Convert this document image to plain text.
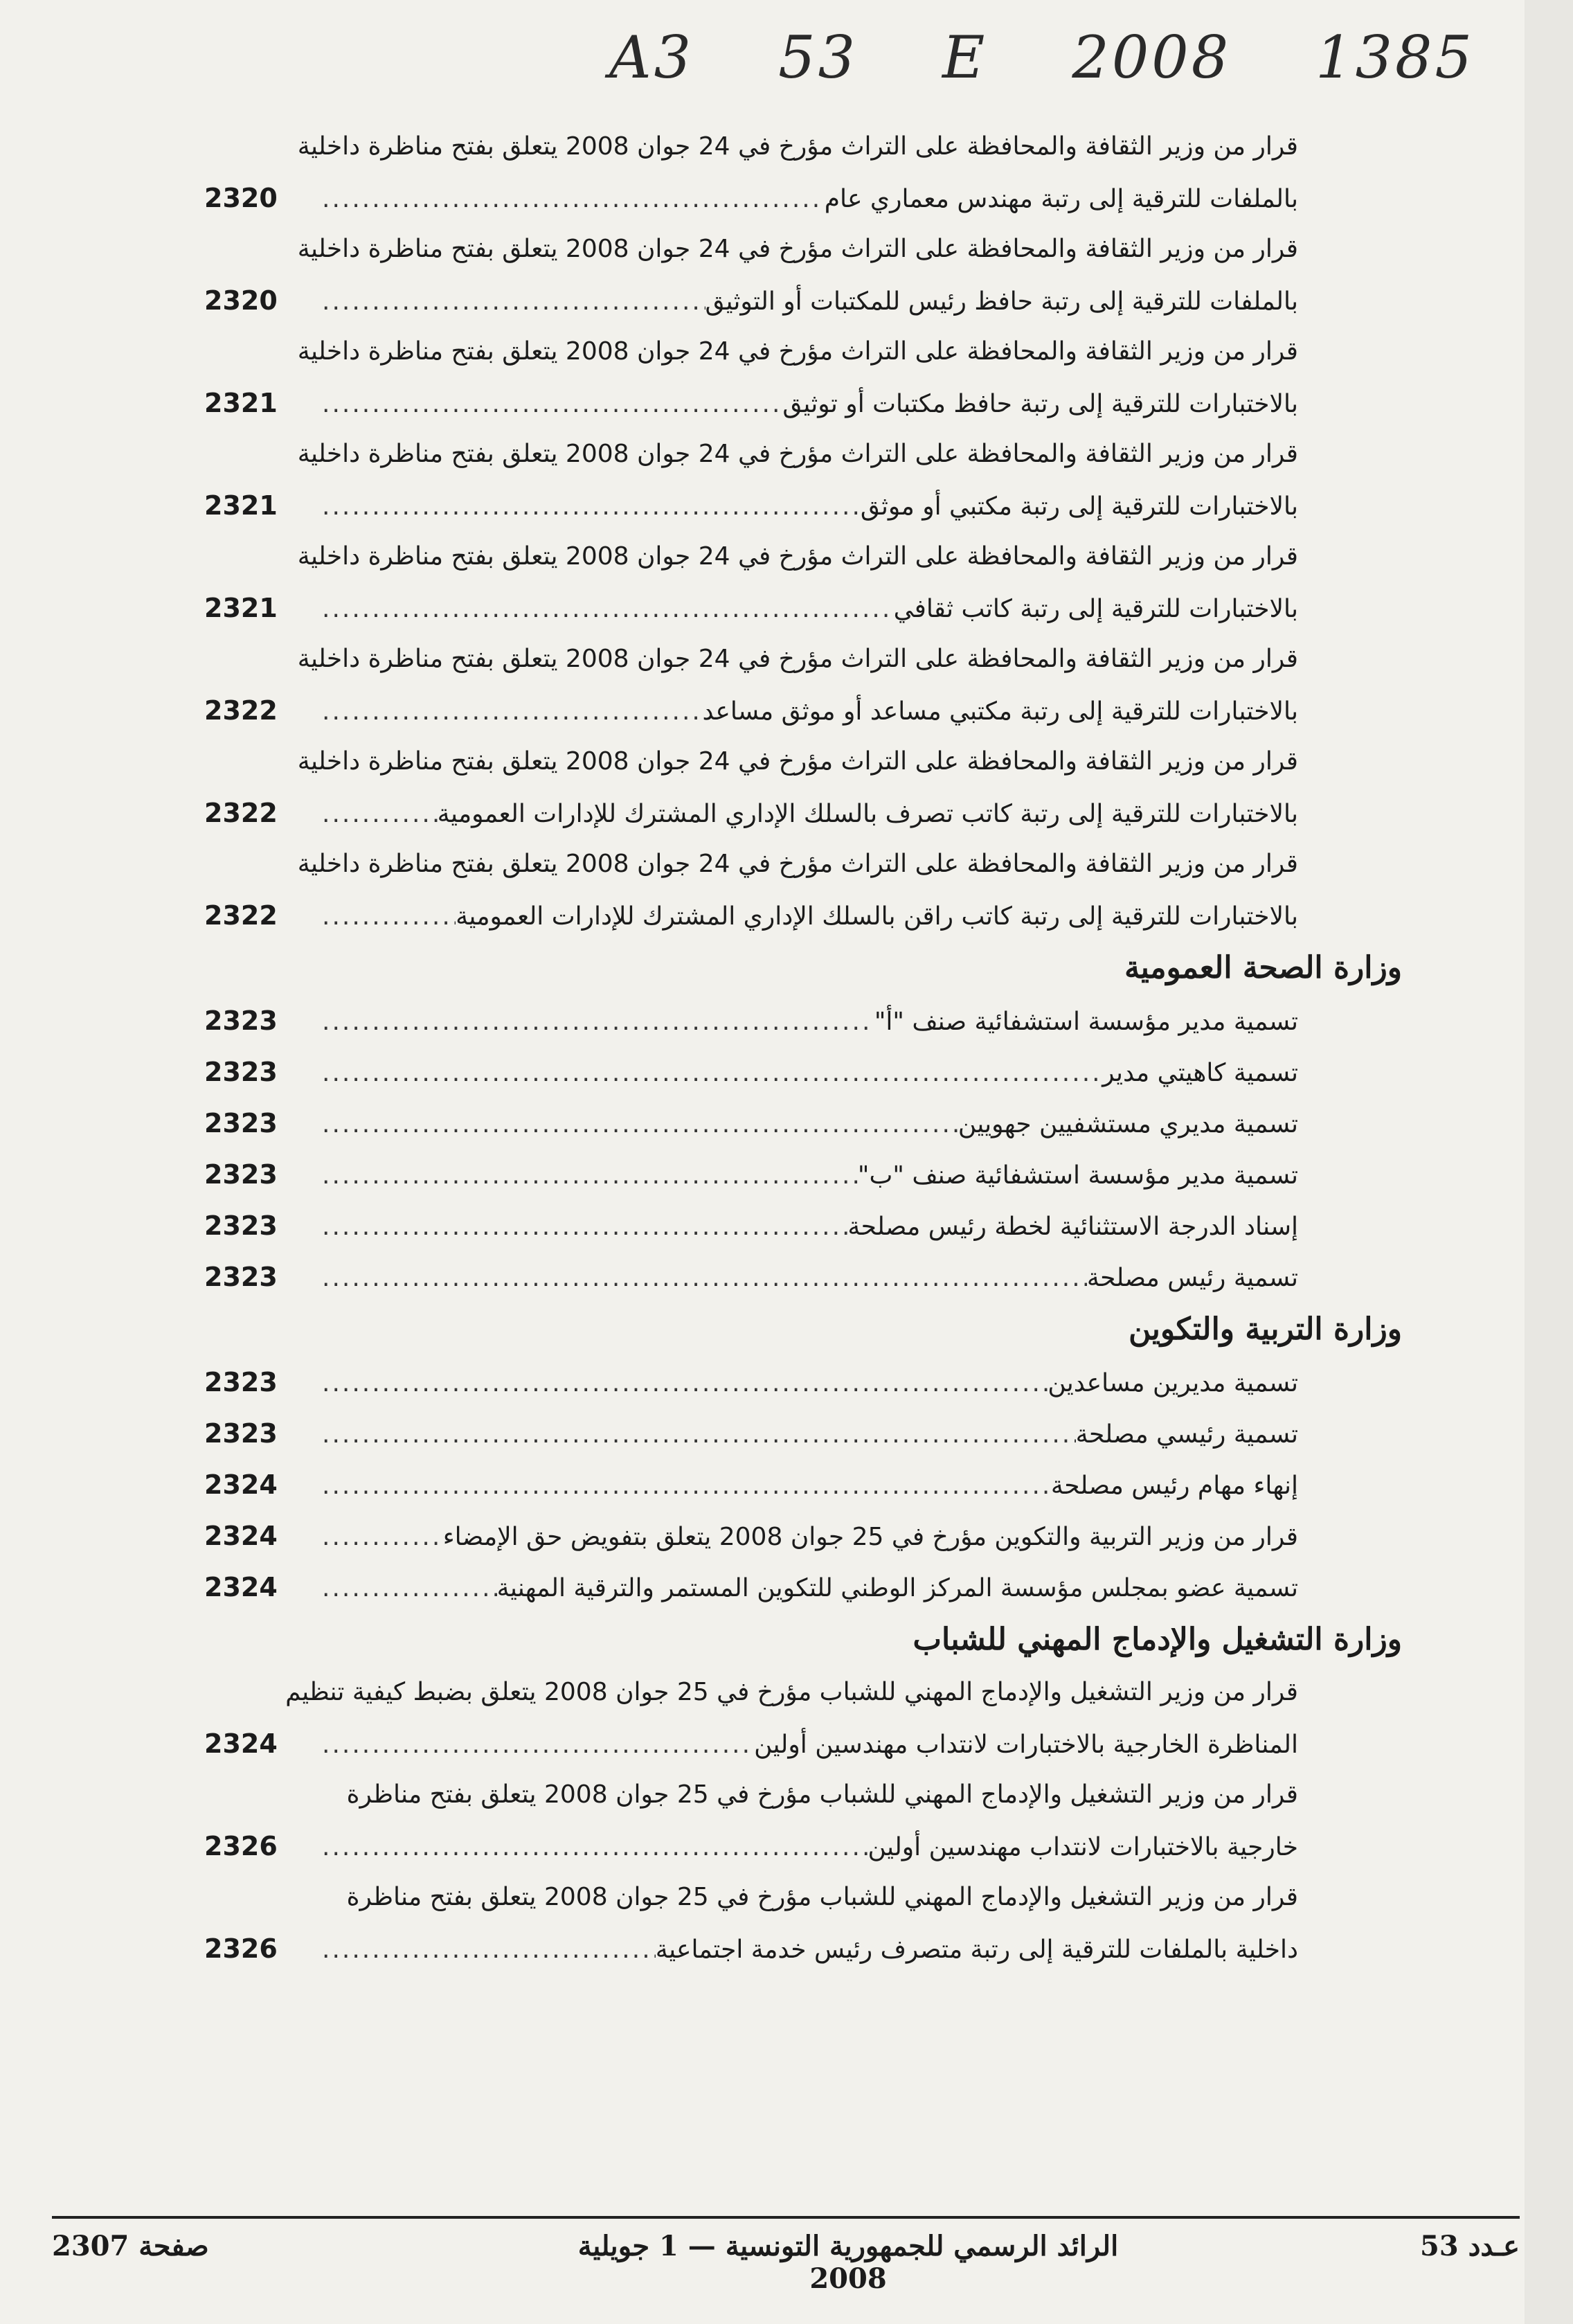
A3 53 E 2008 1385
قرار من وزير الثقافة والمحافظة على التراث مؤرخ في 24 جوان 2008 يتعلق بفتح مناظرة داخلية
بالملفات للترقية إلى رتبة مهندس معماري عام
.....
2320
قرار من وزير الثقافة والمحافظة على التراث مؤرخ في 24 جوان 2008 يتعلق بفتح مناظرة داخلية
بالملفات للترقية إلى رتبة حافظ رئيس للمكتبات أو التوثيق
.....
2320
قرار من وزير الثقافة والمحافظة على التراث مؤرخ في 24 جوان 2008 يتعلق بفتح مناظرة داخلية
بالاختبارات للترقية إلى رتبة حافظ مكتبات أو توثيق
.....
2321
قرار من وزير الثقافة والمحافظة على التراث مؤرخ في 24 جوان 2008 يتعلق بفتح مناظرة داخلية
بالاختبارات للترقية إلى رتبة مكتبي أو موثق
.....
2321
قرار من وزير الثقافة والمحافظة على التراث مؤرخ في 24 جوان 2008 يتعلق بفتح مناظرة داخلية
بالاختبارات للترقية إلى رتبة كاتب ثقافي
.....
2321
قرار من وزير الثقافة والمحافظة على التراث مؤرخ في 24 جوان 2008 يتعلق بفتح مناظرة داخلية
بالاختبارات للترقية إلى رتبة مكتبي مساعد أو موثق مساعد
.....
2322
قرار من وزير الثقافة والمحافظة على التراث مؤرخ في 24 جوان 2008 يتعلق بفتح مناظرة داخلية
بالاختبارات للترقية إلى رتبة كاتب تصرف بالسلك الإداري المشترك للإدارات العمومية
.....
2322
قرار من وزير الثقافة والمحافظة على التراث مؤرخ في 24 جوان 2008 يتعلق بفتح مناظرة داخلية
بالاختبارات للترقية إلى رتبة كاتب راقن بالسلك الإداري المشترك للإدارات العمومية
.....
2322
وزارة الصحة العمومية
تسمية مدير مؤسسة استشفائية صنف "أ"
.....
2323
تسمية كاهيتي مدير
.....
2323
تسمية مديري مستشفيين جهويين
.....
2323
تسمية مدير مؤسسة استشفائية صنف "ب"
.....
2323
إسناد الدرجة الاستثنائية لخطة رئيس مصلحة
.....
2323
تسمية رئيس مصلحة
.....
2323
وزارة التربية والتكوين
تسمية مديرين مساعدين
.....
2323
تسمية رئيسي مصلحة
.....
2323
إنهاء مهام رئيس مصلحة
.....
2324
قرار من وزير التربية والتكوين مؤرخ في 25 جوان 2008 يتعلق بتفويض حق الإمضاء
.....
2324
تسمية عضو بمجلس مؤسسة المركز الوطني للتكوين المستمر والترقية المهنية
.....
2324
وزارة التشغيل والإدماج المهني للشباب
قرار من وزير التشغيل والإدماج المهني للشباب مؤرخ في 25 جوان 2008 يتعلق بضبط كيفية تنظيم
المناظرة الخارجية بالاختبارات لانتداب مهندسين أولين
.....
2324
قرار من وزير التشغيل والإدماج المهني للشباب مؤرخ في 25 جوان 2008 يتعلق بفتح مناظرة
خارجية بالاختبارات لانتداب مهندسين أولين
.....
2326
قرار من وزير التشغيل والإدماج المهني للشباب مؤرخ في 25 جوان 2008 يتعلق بفتح مناظرة
داخلية بالملفات للترقية إلى رتبة متصرف رئيس خدمة اجتماعية
.....
2326
صفحة 2307	الرائد الرسمي للجمهورية التونسية — 1 جويلية 2008
عـدد 53
